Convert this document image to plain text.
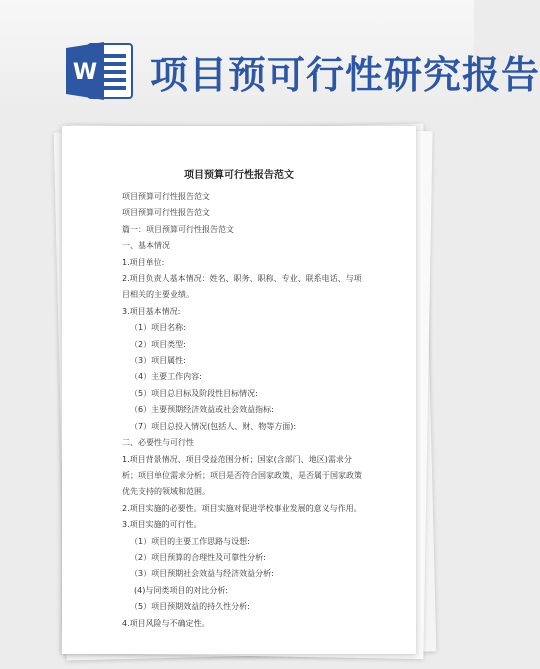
W 项目预可行性研究报告
项目预算可行性报告范文

项目预算可行性报告范文

项目预算可行性报告范文

篇一：项目预算可行性报告范文

一、基本情况

1.项目单位:

2.项目负责人基本情况：姓名、职务、职称、专业、联系电话、与项目相关的主要业绩。

3.项目基本情况:

（1）项目名称:

（2）项目类型:

（3）项目属性:

（4）主要工作内容:

（5）项目总目标及阶段性目标情况:

（6）主要预期经济效益或社会效益指标:

（7）项目总投入情况(包括人、财、物等方面):

二、必要性与可行性

1.项目背景情况、项目受益范围分析；国家(含部门、地区)需求分析；项目单位需求分析；项目是否符合国家政策，是否属于国家政策优先支持的领域和范围。

2.项目实施的必要性。项目实施对促进学校事业发展的意义与作用。

3.项目实施的可行性。

（1）项目的主要工作思路与设想:

（2）项目预算的合理性及可靠性分析:

（3）项目预期社会效益与经济效益分析:

(4)与同类项目的对比分析:

（5）项目预期效益的持久性分析:

4.项目风险与不确定性。
